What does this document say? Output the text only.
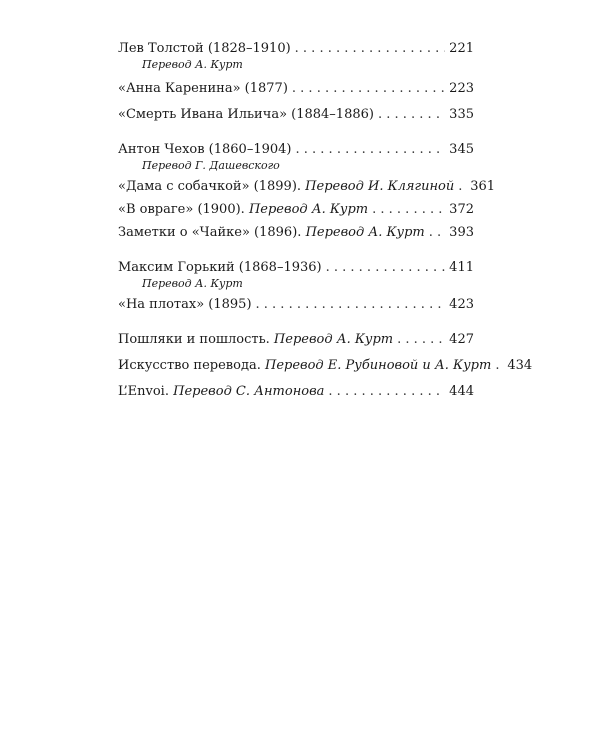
Лев Толстой (1828–1910) . . .	221
Перевод А. Курт
«Анна Каренина» (1877) . . .	223
«Смерть Ивана Ильича» (1884–1886) . . .	335
Антон Чехов (1860–1904) . . .	345
Перевод Г. Дашевского
«Дама с собачкой» (1899). Перевод И. Клягиной . . . 361
«В овраге» (1900). Перевод А. Курт . . .	372
Заметки о «Чайке» (1896). Перевод А. Курт . . . 393
Максим Горький (1868–1936) . . .	411
Перевод А. Курт
«На плотах» (1895) . . .	423
Пошляки и пошлость. Перевод А. Курт . . .	427
Искусство перевода. Перевод Е. Рубиновой и А. Курт . . . 434
L’Envoi. Перевод С. Антонова . . .	444
